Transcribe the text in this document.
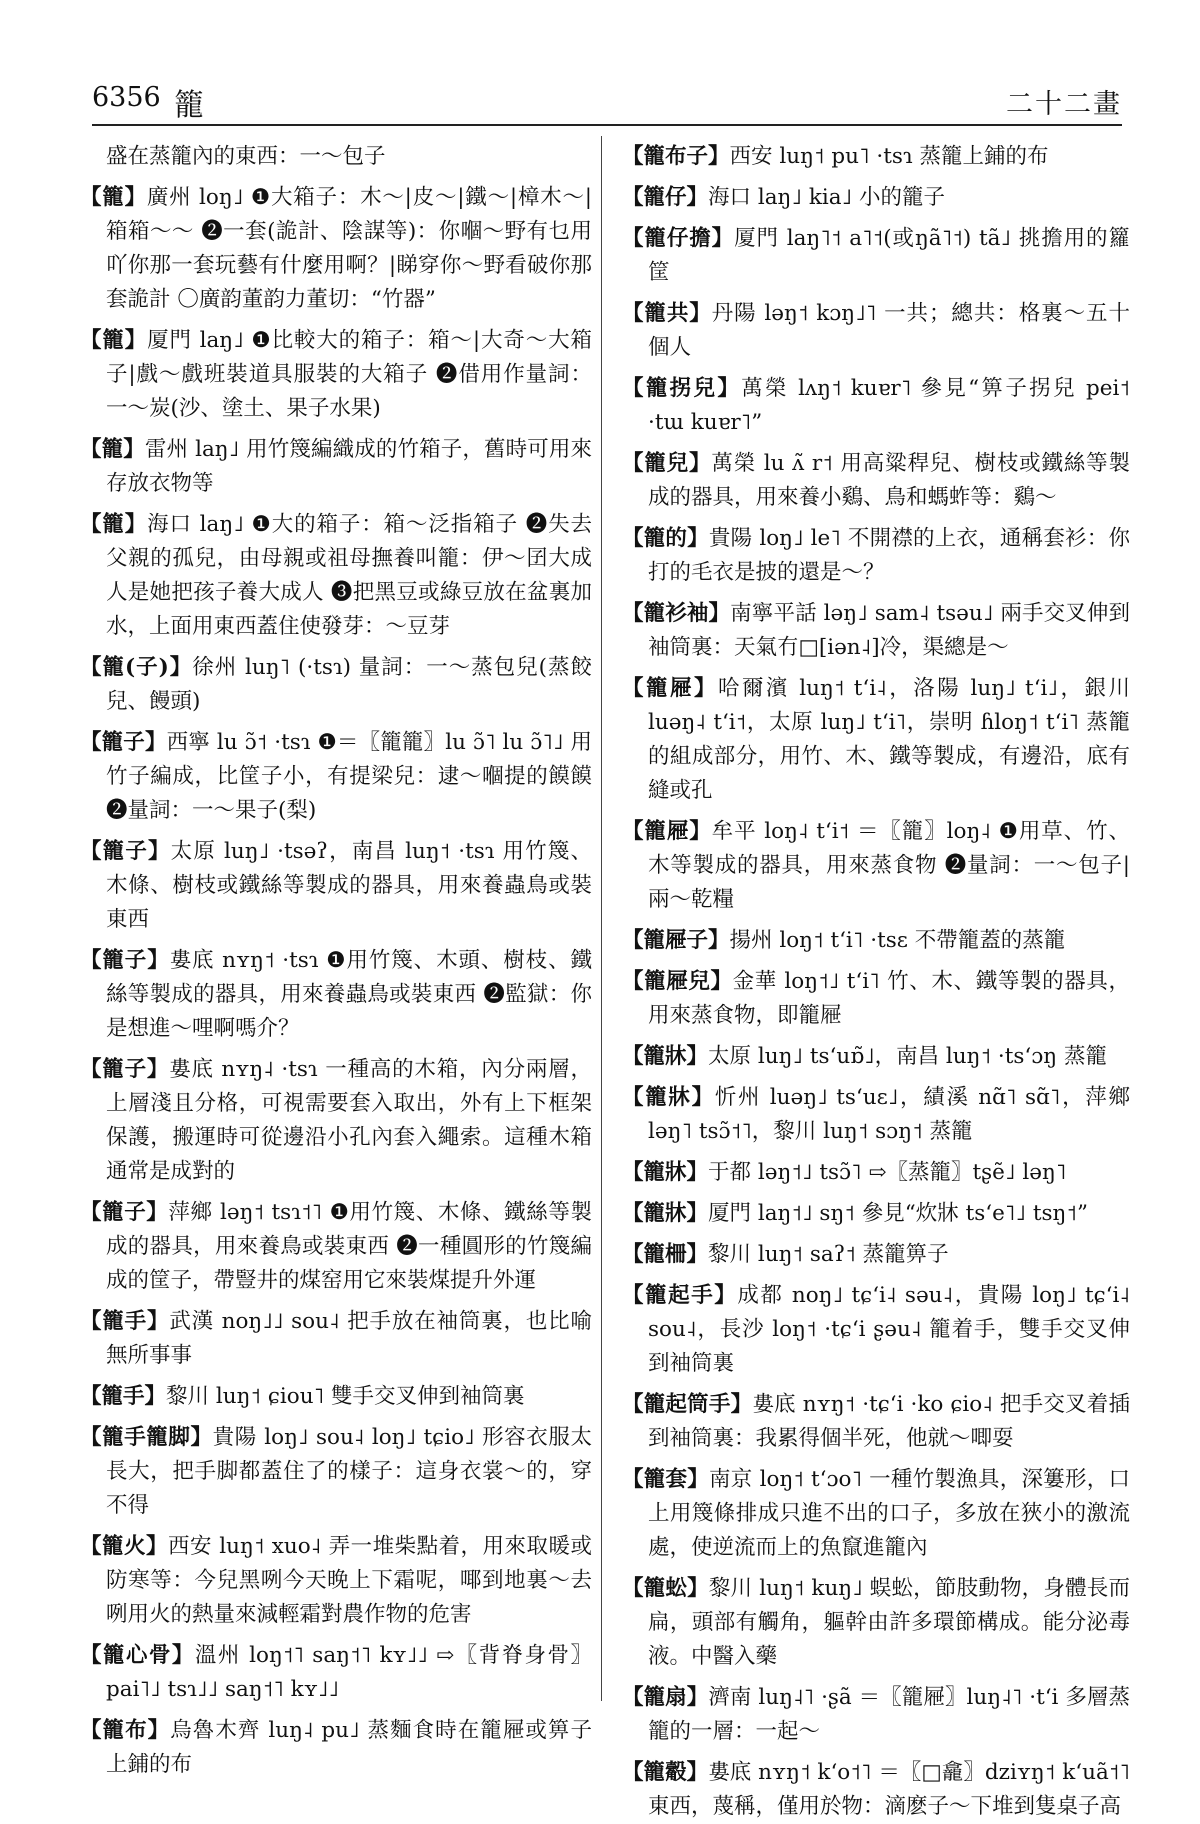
6356 籠	二十二畫

盛在蒸籠內的東西：一～包子

【籠】廣州 loŋ˩ ❶大箱子：木～|皮～|鐵～|樟木～|箱箱～～ ❷一套(詭計、陰謀等)：你嗰～野有乜用吖你那一套玩藝有什麼用啊？|睇穿你～野看破你那套詭計 〇廣韵董韵力董切：“竹器”

【籠】厦門 laŋ˩ ❶比較大的箱子：箱～|大奇～大箱子|戲～戲班裝道具服裝的大箱子 ❷借用作量詞：一～炭(沙、塗土、果子水果)

【籠】雷州 laŋ˩ 用竹篾編織成的竹箱子，舊時可用來存放衣物等

【籠】海口 laŋ˩ ❶大的箱子：箱～泛指箱子 ❷失去父親的孤兒，由母親或祖母撫養叫籠：伊～囝大成人是她把孩子養大成人 ❸把黑豆或綠豆放在盆裏加水，上面用東西蓋住使發芽：～豆芽

【籠(子)】徐州 luŋ˥ (·tsɿ) 量詞：一～蒸包兒(蒸餃兒、饅頭)

【籠子】西寧 lu ɔ̃˦ ·tsɿ ❶＝〖籠籠〗lu ɔ̃˥ lu ɔ̃˥˩ 用竹子編成，比筐子小，有提梁兒：逮～嗰提的饃饃 ❷量詞：一～果子(梨)

【籠子】太原 luŋ˩ ·tsəʔ，南昌 luŋ˦ ·tsɿ 用竹篾、木條、樹枝或鐵絲等製成的器具，用來養蟲鳥或裝東西

【籠子】婁底 nʏŋ˦ ·tsɿ ❶用竹篾、木頭、樹枝、鐵絲等製成的器具，用來養蟲鳥或裝東西 ❷監獄：你是想進～哩啊嗎介？

【籠子】婁底 nʏŋ˨ ·tsɿ 一種高的木箱，內分兩層，上層淺且分格，可視需要套入取出，外有上下框架保護，搬運時可從邊沿小孔內套入繩索。這種木箱通常是成對的

【籠子】萍鄉 ləŋ˦ tsɿ˦˥ ❶用竹篾、木條、鐵絲等製成的器具，用來養鳥或裝東西 ❷一種圓形的竹篾編成的筐子，帶豎井的煤窑用它來裝煤提升外運

【籠手】武漢 noŋ˩˩ sou˨ 把手放在袖筒裏，也比喻無所事事

【籠手】黎川 luŋ˦ ɕiou˥ 雙手交叉伸到袖筒裏

【籠手籠脚】貴陽 loŋ˩ sou˨ loŋ˩ tɕio˩ 形容衣服太長大，把手脚都蓋住了的樣子：這身衣裳～的，穿不得

【籠火】西安 luŋ˦ xuo˨ 弄一堆柴點着，用來取暖或防寒等：今兒黑咧今天晚上下霜呢，㖿到地裏～去咧用火的熱量來減輕霜對農作物的危害

【籠心骨】溫州 loŋ˦˥ saŋ˦˥ kʏ˩˩ ⇨〖背脊身骨〗pai˥˩ tsɿ˩˩ saŋ˦˥ kʏ˩˩

【籠布】烏魯木齊 luŋ˨ pu˩ 蒸麵食時在籠屜或箅子上鋪的布

【籠布子】西安 luŋ˦ pu˥ ·tsɿ 蒸籠上鋪的布

【籠仔】海口 laŋ˩ kia˩ 小的籠子

【籠仔擔】厦門 laŋ˥˦ a˥˦(或ŋã˥˦) tã˩ 挑擔用的籮筐

【籠共】丹陽 ləŋ˦ kɔŋ˩˥ 一共；總共：格裏～五十個人

【籠拐兒】萬榮 lʌŋ˦ kuɐr˥ 參見“箅子拐兒 pei˦ ·tɯ kuɐr˥”

【籠兒】萬榮 lu ʌ̃ r˦ 用高粱稈兒、樹枝或鐵絲等製成的器具，用來養小鷄、鳥和螞蚱等：鷄～

【籠的】貴陽 loŋ˩ le˥ 不開襟的上衣，通稱套衫：你打的毛衣是披的還是～？

【籠衫袖】南寧平話 ləŋ˩ sam˨ tsəu˩ 兩手交叉伸到袖筒裏：天氣冇□[iən˨]冷，渠總是～

【籠屜】哈爾濱 luŋ˦ tʻi˨，洛陽 luŋ˩ tʻi˩，銀川 luəŋ˨ tʻi˦，太原 luŋ˩ tʻi˥，崇明 ɦloŋ˦ tʻi˥ 蒸籠的組成部分，用竹、木、鐵等製成，有邊沿，底有縫或孔

【籠屜】牟平 loŋ˨ tʻi˦ ＝〖籠〗loŋ˨ ❶用草、竹、木等製成的器具，用來蒸食物 ❷量詞：一～包子|兩～乾糧

【籠屜子】揚州 loŋ˦ tʻi˥ ·tsɛ 不帶籠蓋的蒸籠

【籠屜兒】金華 loŋ˦˩ tʻi˥ 竹、木、鐵等製的器具，用來蒸食物，即籠屜

【籠牀】太原 luŋ˩ tsʻuɒ̃˩，南昌 luŋ˦ ·tsʻɔŋ 蒸籠

【籠牀】忻州 luəŋ˩ tsʻuɛ˩，績溪 nɑ̃˥ sɑ̃˥，萍鄉 ləŋ˥ tsɔ̃˦˥，黎川 luŋ˦ sɔŋ˦ 蒸籠

【籠牀】于都 ləŋ˦˩ tsɔ̃˥ ⇨〖蒸籠〗tʂẽ˩ ləŋ˥

【籠牀】厦門 laŋ˦˩ sŋ˦ 參見“炊牀 tsʻe˥˩ tsŋ˦”

【籠柵】黎川 luŋ˦ saʔ˦ 蒸籠箅子

【籠起手】成都 noŋ˩ tɕʻi˨ səu˨，貴陽 loŋ˩ tɕʻi˨ sou˨，長沙 loŋ˦ ·tɕʻi ʂəu˨ 籠着手，雙手交叉伸到袖筒裏

【籠起筒手】婁底 nʏŋ˦ ·tɕʻi ·ko ɕio˨ 把手交叉着插到袖筒裏：我累得個半死，他就～唧耍

【籠套】南京 loŋ˦ tʻɔo˥ 一種竹製漁具，深簍形，口上用篾條排成只進不出的口子，多放在狹小的激流處，使逆流而上的魚竄進籠內

【籠蚣】黎川 luŋ˦ kuŋ˩ 蜈蚣，節肢動物，身體長而扁，頭部有觸角，軀幹由許多環節構成。能分泌毒液。中醫入藥

【籠扇】濟南 luŋ˨˥ ·ʂã ＝〖籠屜〗luŋ˨˥ ·tʻi 多層蒸籠的一層：一起～

【籠觳】婁底 nʏŋ˦ kʻo˦˥ ＝〖□龕〗dziʏŋ˦ kʻuã˦˥ 東西，蔑稱，僅用於物：滴麽子～下堆到隻桌子高
